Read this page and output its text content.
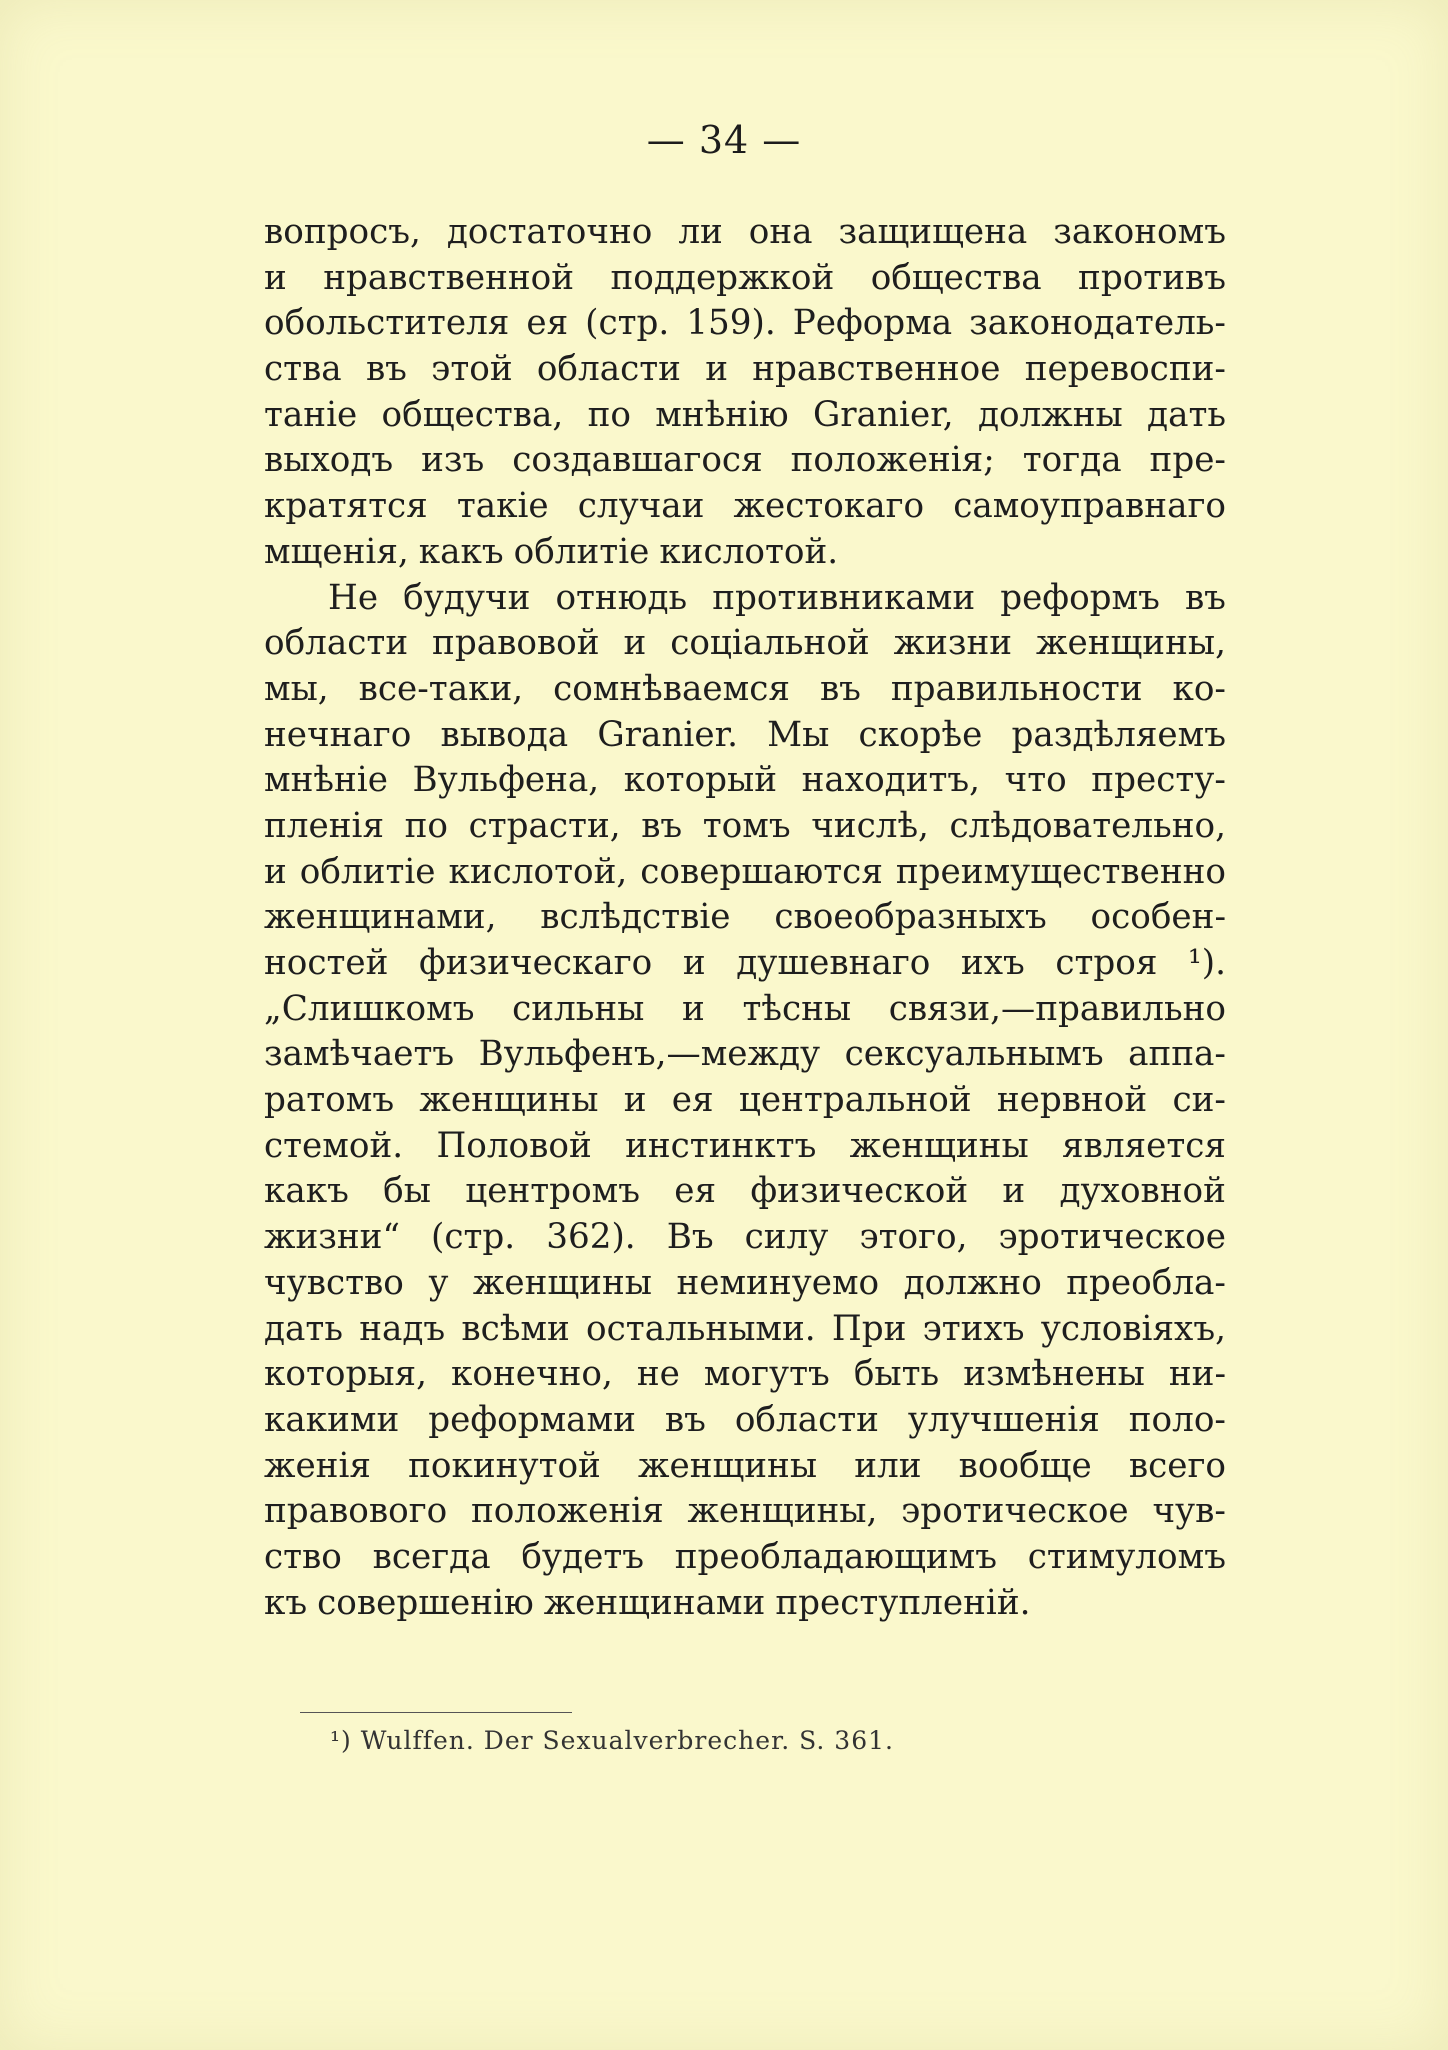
— 34 —
вопросъ, достаточно ли она защищена закономъ
и нравственной поддержкой общества противъ
обольстителя ея (стр. 159). Реформа законодатель-
ства въ этой области и нравственное перевоспи-
таніе общества, по мнѣнію Granier, должны дать
выходъ изъ создавшагося положенія; тогда пре-
кратятся такіе случаи жестокаго самоуправнаго
мщенія, какъ облитіе кислотой.
Не будучи отнюдь противниками реформъ въ
области правовой и соціальной жизни женщины,
мы, все-таки, сомнѣваемся въ правильности ко-
нечнаго вывода Granier. Мы скорѣе раздѣляемъ
мнѣніе Вульфена, который находитъ, что престу-
пленія по страсти, въ томъ числѣ, слѣдовательно,
и облитіе кислотой, совершаются преимущественно
женщинами, вслѣдствіе своеобразныхъ особен-
ностей физическаго и душевнаго ихъ строя ¹).
„Слишкомъ сильны и тѣсны связи,—правильно
замѣчаетъ Вульфенъ,—между сексуальнымъ аппа-
ратомъ женщины и ея центральной нервной си-
стемой. Половой инстинктъ женщины является
какъ бы центромъ ея физической и духовной
жизни“ (стр. 362). Въ силу этого, эротическое
чувство у женщины неминуемо должно преобла-
дать надъ всѣми остальными. При этихъ условіяхъ,
которыя, конечно, не могутъ быть измѣнены ни-
какими реформами въ области улучшенія поло-
женія покинутой женщины или вообще всего
правового положенія женщины, эротическое чув-
ство всегда будетъ преобладающимъ стимуломъ
къ совершенію женщинами преступленій.
¹) Wulffen. Der Sexualverbrecher. S. 361.
